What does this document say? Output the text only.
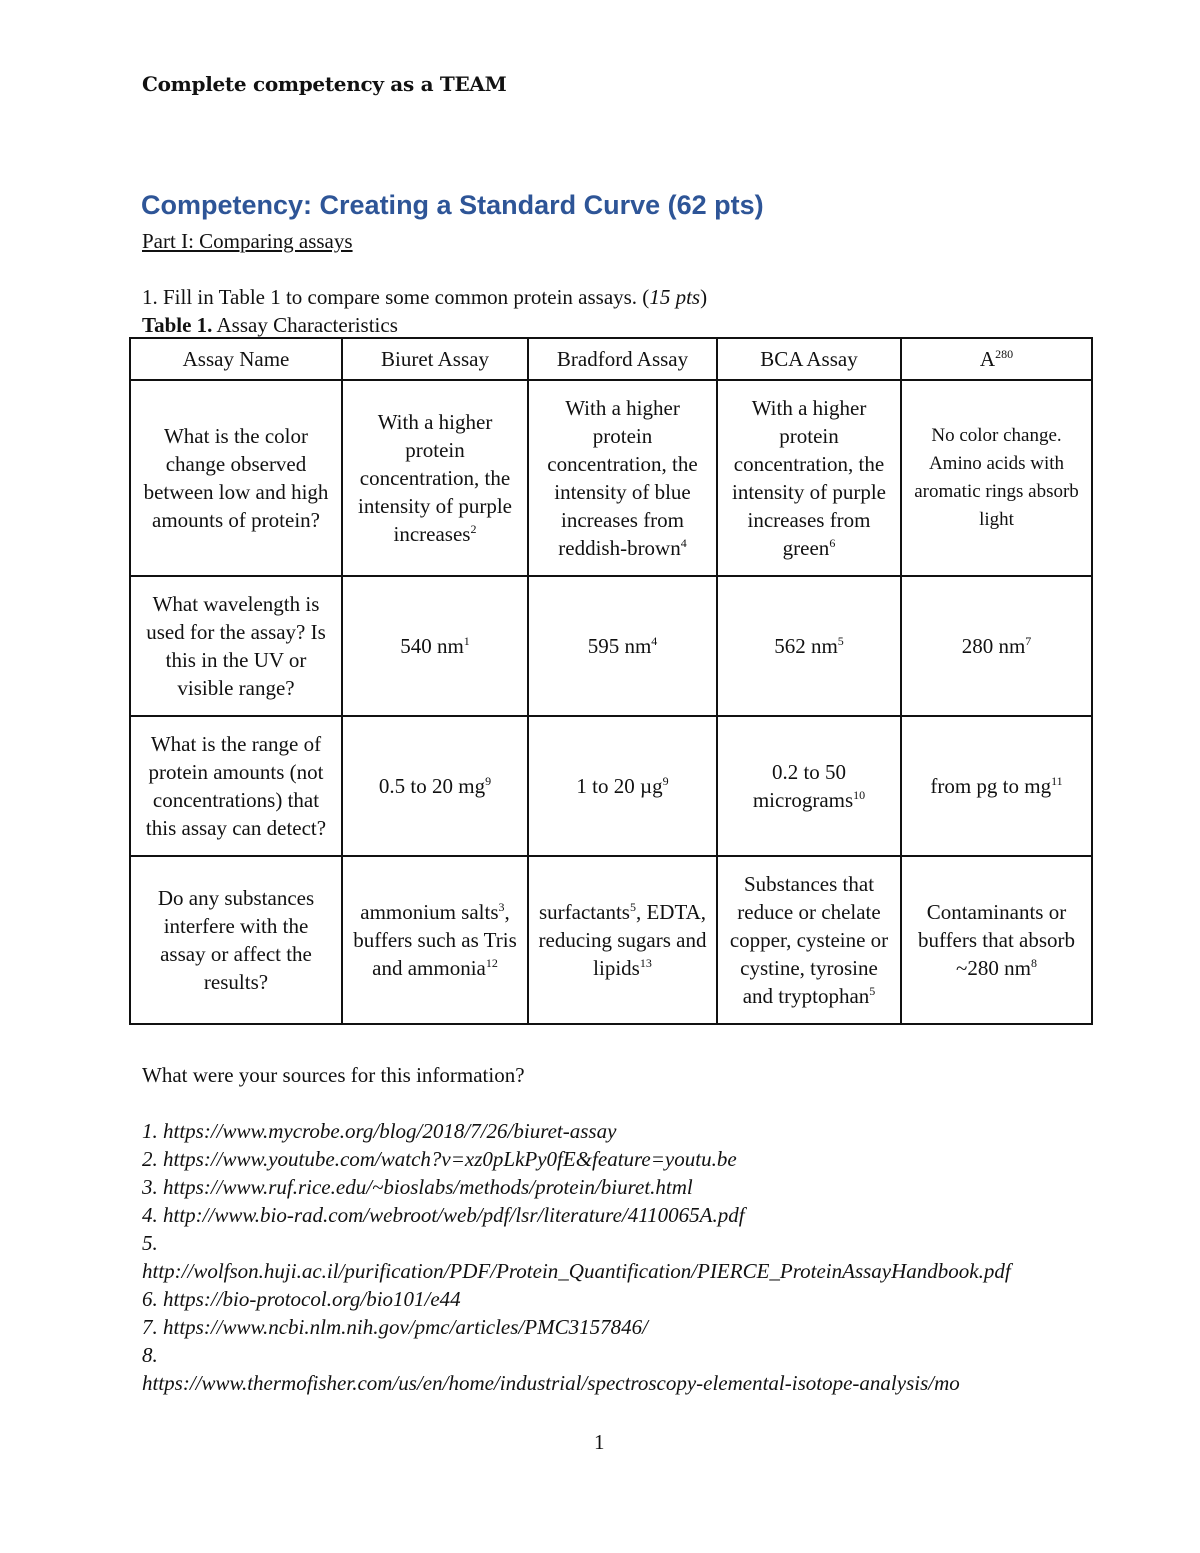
Complete competency as a TEAM
Competency: Creating a Standard Curve (62 pts)
Part I: Comparing assays
1. Fill in Table 1 to compare some common protein assays. (15 pts)
Table 1. Assay Characteristics
Assay Name	Biuret Assay	Bradford Assay	BCA Assay	$A^{280}$
What is the color change observed between low and high amounts of protein?	With a higher protein concentration, the intensity of purple increases$^2$	With a higher protein concentration, the intensity of blue increases from reddish-brown$^4$	With a higher protein concentration, the intensity of purple increases from green$^6$	No color change. Amino acids with aromatic rings absorb light
What wavelength is used for the assay? Is this in the UV or visible range?	540 $nm^1$	595 $nm^4$	562 $nm^5$	280 $nm^7$
What is the range of protein amounts (not concentrations) that this assay can detect?	0.5 to 20 $mg^9$	1 to 20 µg$^9$	0.2 to 50 micrograms$^{10}$	from pg to $mg^{11}$
Do any substances interfere with the assay or affect the results?	ammonium salts$^3$, buffers such as Tris and ammonia$^{12}$	surfactants$^5$, EDTA, reducing sugars and lipids$^{13}$	Substances that reduce or chelate copper, cysteine or cystine, tyrosine and tryptophan$^5$	Contaminants or buffers that absorb ~280 $nm^8$
What were your sources for this information?
1. https://www.mycrobe.org/blog/2018/7/26/biuret-assay
2. https://www.youtube.com/watch?v=xz0pLkPy0fE&feature=youtu.be
3. https://www.ruf.rice.edu/~bioslabs/methods/protein/biuret.html
4. http://www.bio-rad.com/webroot/web/pdf/lsr/literature/4110065A.pdf
5.
http://wolfson.huji.ac.il/purification/PDF/Protein_Quantification/PIERCE_ProteinAssayHandbook.pdf
6. https://bio-protocol.org/bio101/e44
7. https://www.ncbi.nlm.nih.gov/pmc/articles/PMC3157846/
8.
https://www.thermofisher.com/us/en/home/industrial/spectroscopy-elemental-isotope-analysis/mo
1
